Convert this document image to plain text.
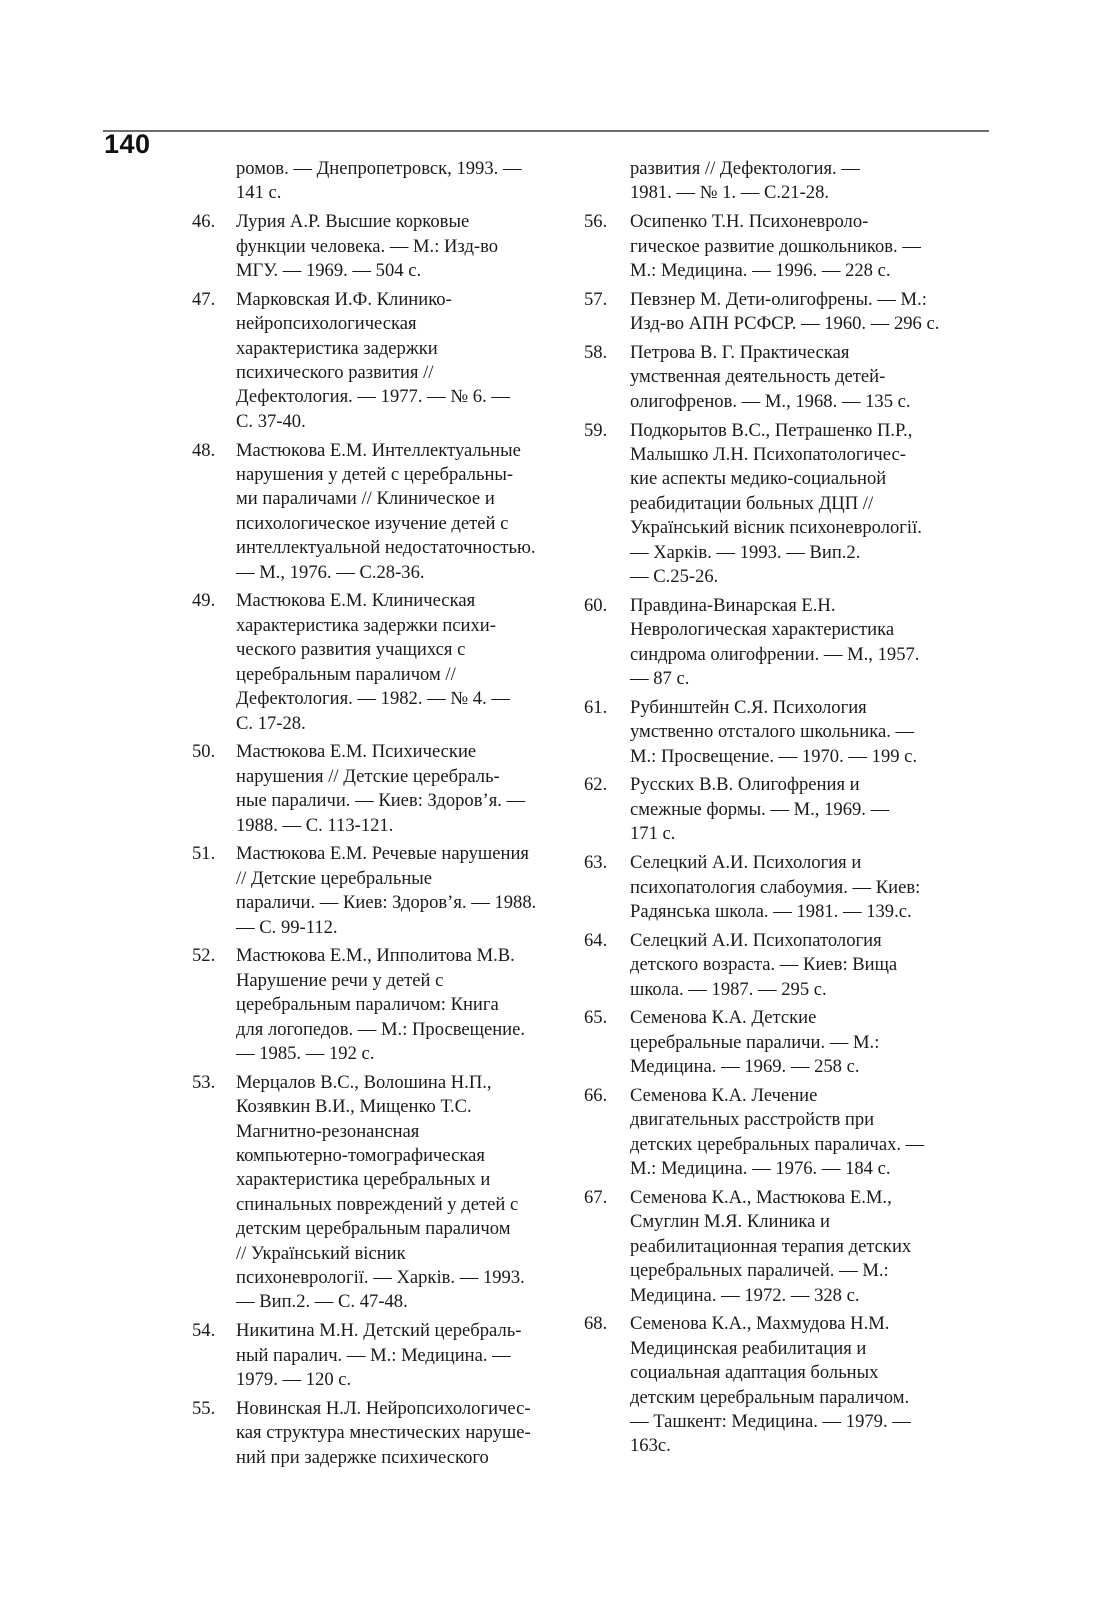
140
ромов. — Днепропетровск, 1993. —
141 с.
46.	Лурия А.Р. Высшие корковые
функции человека. — М.: Изд-во
МГУ. — 1969. — 504 с.
47.	Марковская И.Ф. Клинико-
нейропсихологическая
характеристика задержки
психического развития //
Дефектология. — 1977. — № 6. —
С. 37-40.
48.	Мастюкова Е.М. Интеллектуальные
нарушения у детей с церебральны-
ми параличами // Клиническое и
психологическое изучение детей с
интеллектуальной недостаточностью.
— М., 1976. — С.28-36.
49.	Мастюкова Е.М. Клиническая
характеристика задержки психи-
ческого развития учащихся с
церебральным параличом //
Дефектология. — 1982. — № 4. —
С. 17-28.
50.	Мастюкова Е.М. Психические
нарушения // Детские церебраль-
ные параличи. — Киев: Здоров’я. —
1988. — С. 113-121.
51.	Мастюкова Е.М. Речевые нарушения
// Детские церебральные
параличи. — Киев: Здоров’я. — 1988.
— С. 99-112.
52.	Мастюкова Е.М., Ипполитова М.В.
Нарушение речи у детей с
церебральным параличом: Книга
для логопедов. — М.: Просвещение.
— 1985. — 192 с.
53.	Мерцалов В.С., Волошина Н.П.,
Козявкин В.И., Мищенко Т.С.
Магнитно-резонансная
компьютерно-томографическая
характеристика церебральных и
спинальных повреждений у детей с
детским церебральным параличом
// Український вісник
психоневрології. — Харків. — 1993.
— Вип.2. — С. 47-48.
54.	Никитина М.Н. Детский церебраль-
ный паралич. — М.: Медицина. —
1979. — 120 с.
55.	Новинская Н.Л. Нейропсихологичес-
кая структура мнестических наруше-
ний при задержке психического
развития // Дефектология. —
1981. — № 1. — С.21-28.
56.	Осипенко Т.Н. Психоневроло-
гическое развитие дошкольников. —
М.: Медицина. — 1996. — 228 с.
57.	Певзнер М. Дети-олигофрены. — М.:
Изд-во АПН РСФСР. — 1960. — 296 с.
58.	Петрова В. Г. Практическая
умственная деятельность детей-
олигофренов. — М., 1968. — 135 с.
59.	Подкорытов В.С., Петрашенко П.Р.,
Малышко Л.Н. Психопатологичес-
кие аспекты медико-социальной
реабидитации больных ДЦП //
Український вісник психоневрології.
— Харків. — 1993. — Вип.2.
— С.25-26.
60.	Правдина-Винарская Е.Н.
Неврологическая характеристика
синдрома олигофрении. — М., 1957.
— 87 с.
61.	Рубинштейн С.Я. Психология
умственно отсталого школьника. —
М.: Просвещение. — 1970. — 199 с.
62.	Русских В.В. Олигофрения и
смежные формы. — М., 1969. —
171 с.
63.	Селецкий А.И. Психология и
психопатология слабоумия. — Киев:
Радянська школа. — 1981. — 139.с.
64.	Селецкий А.И. Психопатология
детского возраста. — Киев: Вища
школа. — 1987. — 295 с.
65.	Семенова К.А. Детские
церебральные параличи. — М.:
Медицина. — 1969. — 258 с.
66.	Семенова К.А. Лечение
двигательных расстройств при
детских церебральных параличах. —
М.: Медицина. — 1976. — 184 с.
67.	Семенова К.А., Мастюкова Е.М.,
Смуглин М.Я. Клиника и
реабилитационная терапия детских
церебральных параличей. — М.:
Медицина. — 1972. — 328 с.
68.	Семенова К.А., Махмудова Н.М.
Медицинская реабилитация и
социальная адаптация больных
детским церебральным параличом.
— Ташкент: Медицина. — 1979. —
163с.
